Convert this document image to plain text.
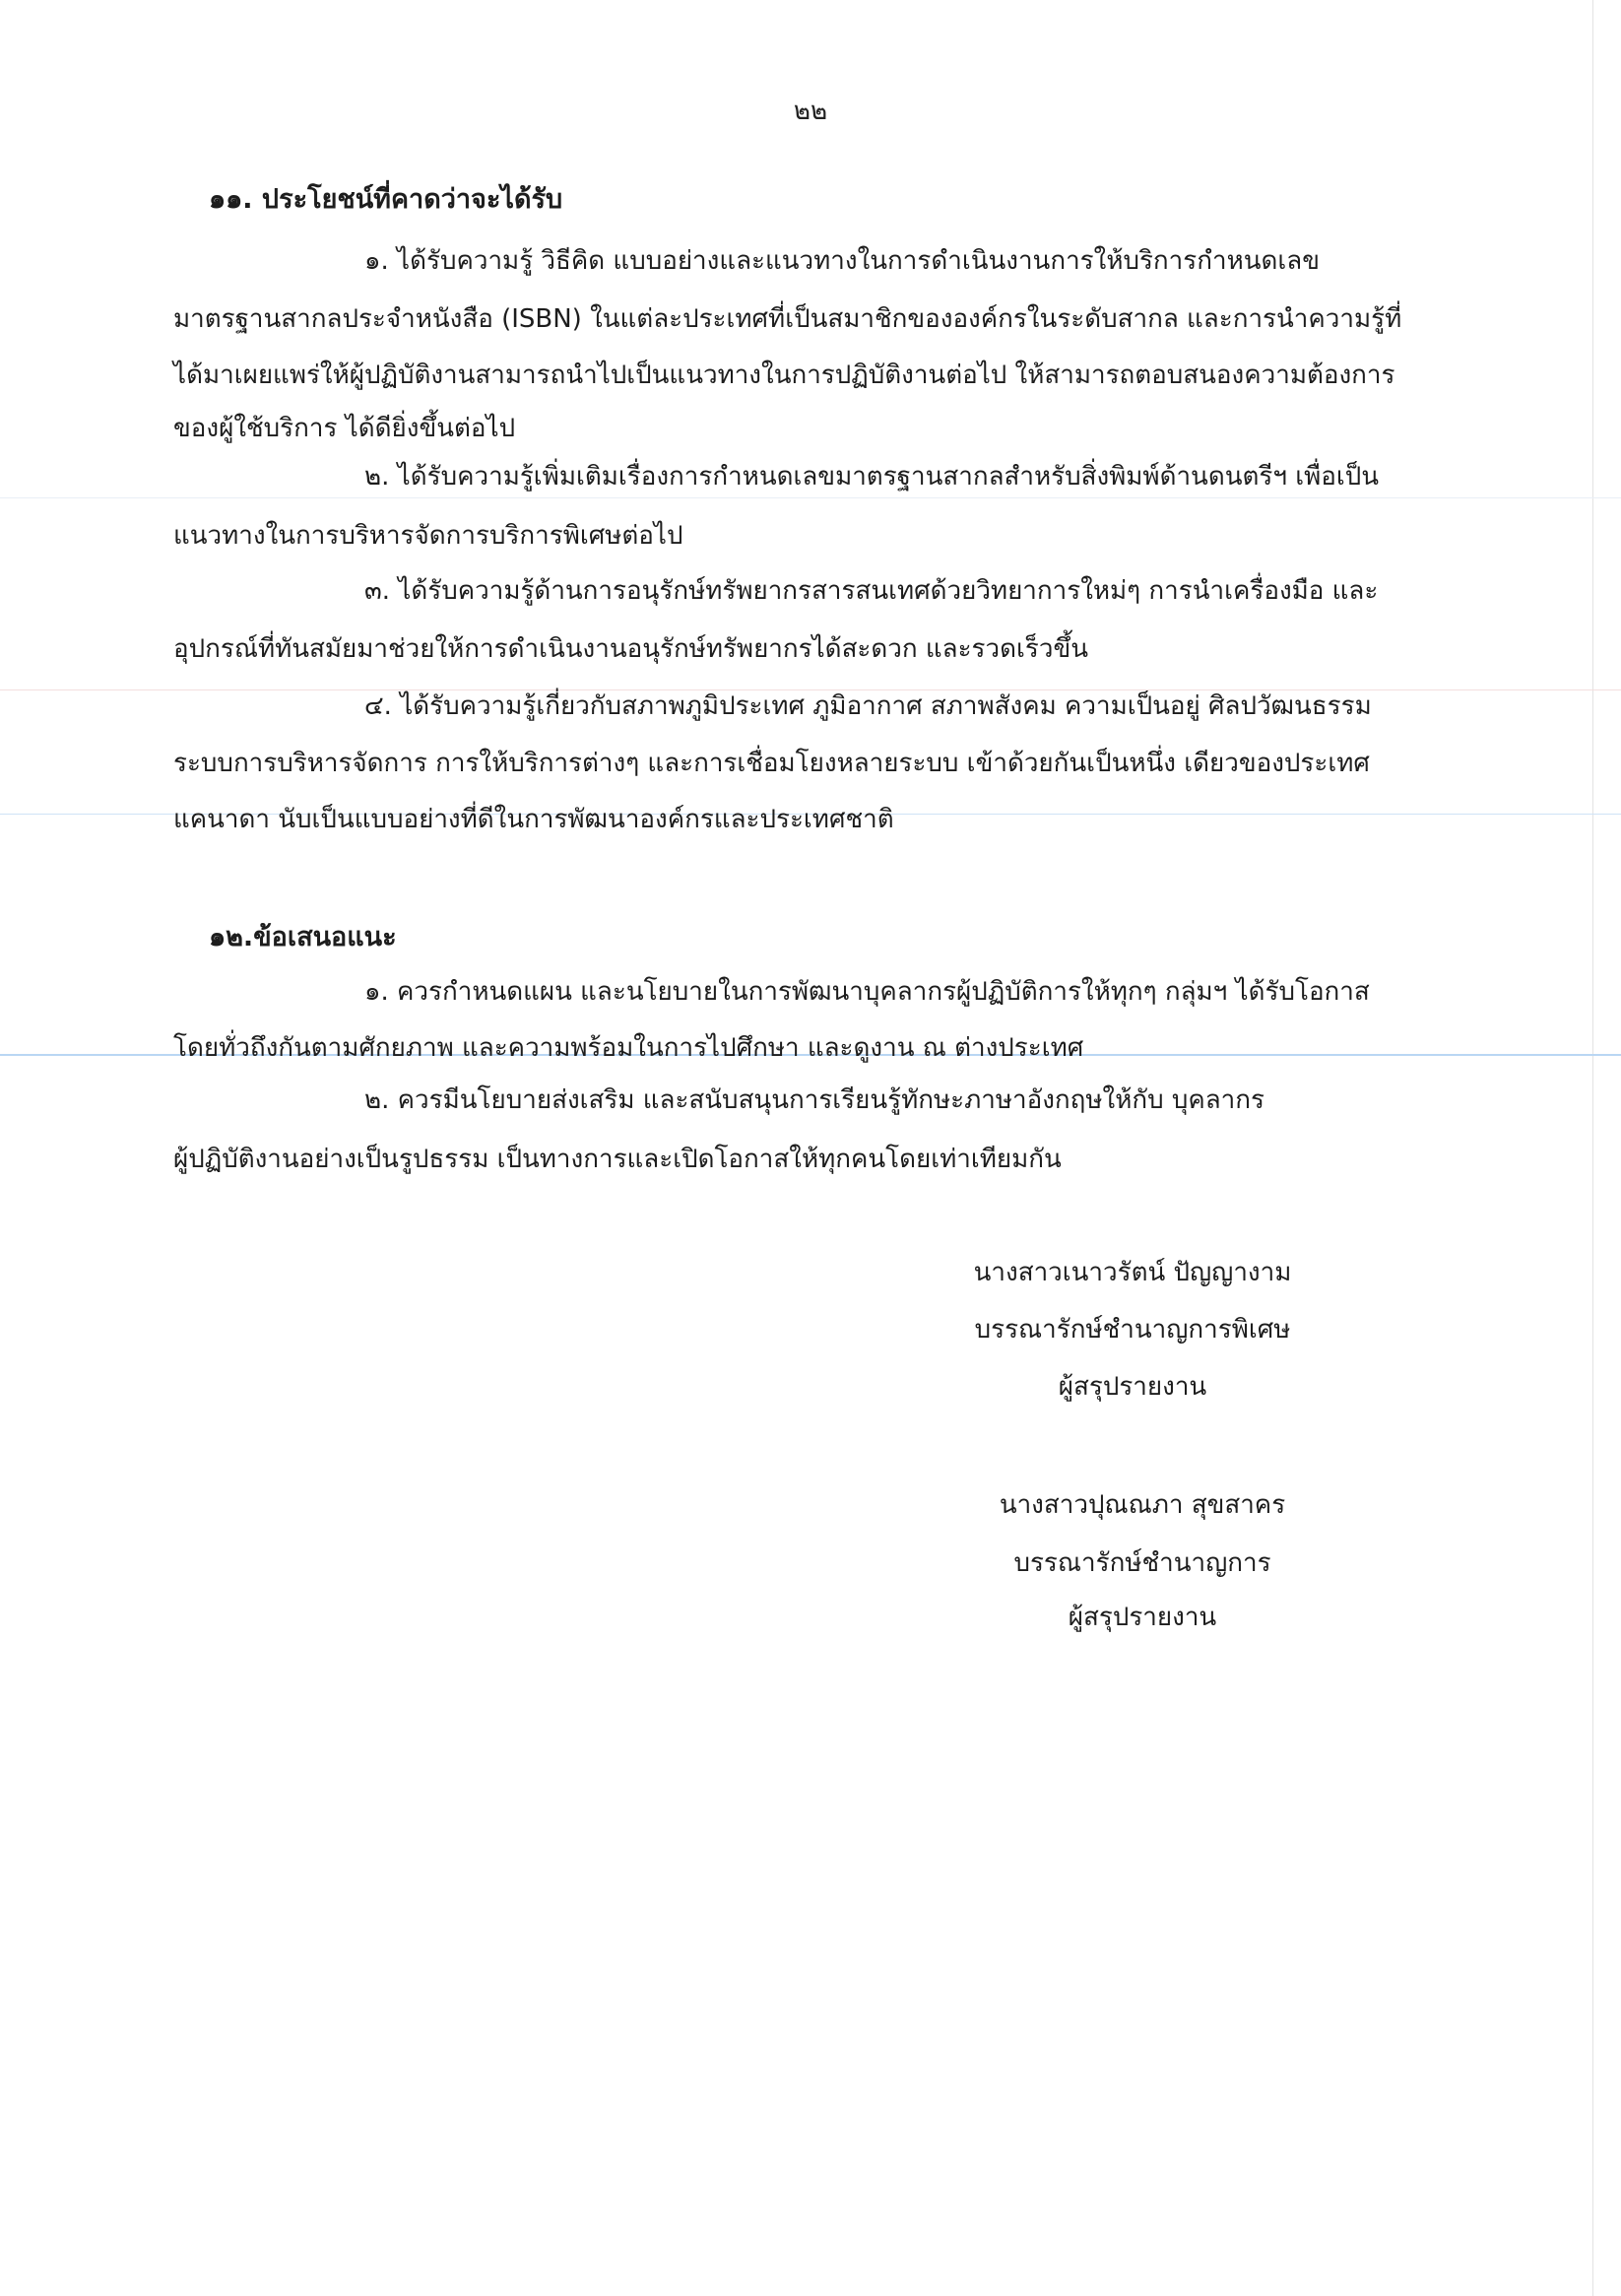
๒๒
๑๑. ประโยชน์ที่คาดว่าจะได้รับ
๑. ได้รับความรู้ วิธีคิด แบบอย่างและแนวทางในการดำเนินงานการให้บริการกำหนดเลข
มาตรฐานสากลประจำหนังสือ (ISBN) ในแต่ละประเทศที่เป็นสมาชิกขององค์กรในระดับสากล และการนำความรู้ที่
ได้มาเผยแพร่ให้ผู้ปฏิบัติงานสามารถนำไปเป็นแนวทางในการปฏิบัติงานต่อไป ให้สามารถตอบสนองความต้องการ
ของผู้ใช้บริการ ได้ดียิ่งขึ้นต่อไป
๒. ได้รับความรู้เพิ่มเติมเรื่องการกำหนดเลขมาตรฐานสากลสำหรับสิ่งพิมพ์ด้านดนตรีฯ เพื่อเป็น
แนวทางในการบริหารจัดการบริการพิเศษต่อไป
๓. ได้รับความรู้ด้านการอนุรักษ์ทรัพยากรสารสนเทศด้วยวิทยาการใหม่ๆ การนำเครื่องมือ และ
อุปกรณ์ที่ทันสมัยมาช่วยให้การดำเนินงานอนุรักษ์ทรัพยากรได้สะดวก และรวดเร็วขึ้น
๔. ได้รับความรู้เกี่ยวกับสภาพภูมิประเทศ ภูมิอากาศ สภาพสังคม ความเป็นอยู่ ศิลปวัฒนธรรม
ระบบการบริหารจัดการ การให้บริการต่างๆ และการเชื่อมโยงหลายระบบ เข้าด้วยกันเป็นหนึ่ง เดียวของประเทศ
แคนาดา นับเป็นแบบอย่างที่ดีในการพัฒนาองค์กรและประเทศชาติ
๑๒.ข้อเสนอแนะ
๑. ควรกำหนดแผน และนโยบายในการพัฒนาบุคลากรผู้ปฏิบัติการให้ทุกๆ กลุ่มฯ ได้รับโอกาส
โดยทั่วถึงกันตามศักยภาพ และความพร้อมในการไปศึกษา และดูงาน ณ ต่างประเทศ
๒. ควรมีนโยบายส่งเสริม และสนับสนุนการเรียนรู้ทักษะภาษาอังกฤษให้กับ บุคลากร
ผู้ปฏิบัติงานอย่างเป็นรูปธรรม เป็นทางการและเปิดโอกาสให้ทุกคนโดยเท่าเทียมกัน
นางสาวเนาวรัตน์ ปัญญางาม
บรรณารักษ์ชำนาญการพิเศษ
ผู้สรุปรายงาน
นางสาวปุณณภา สุขสาคร
บรรณารักษ์ชำนาญการ
ผู้สรุปรายงาน
